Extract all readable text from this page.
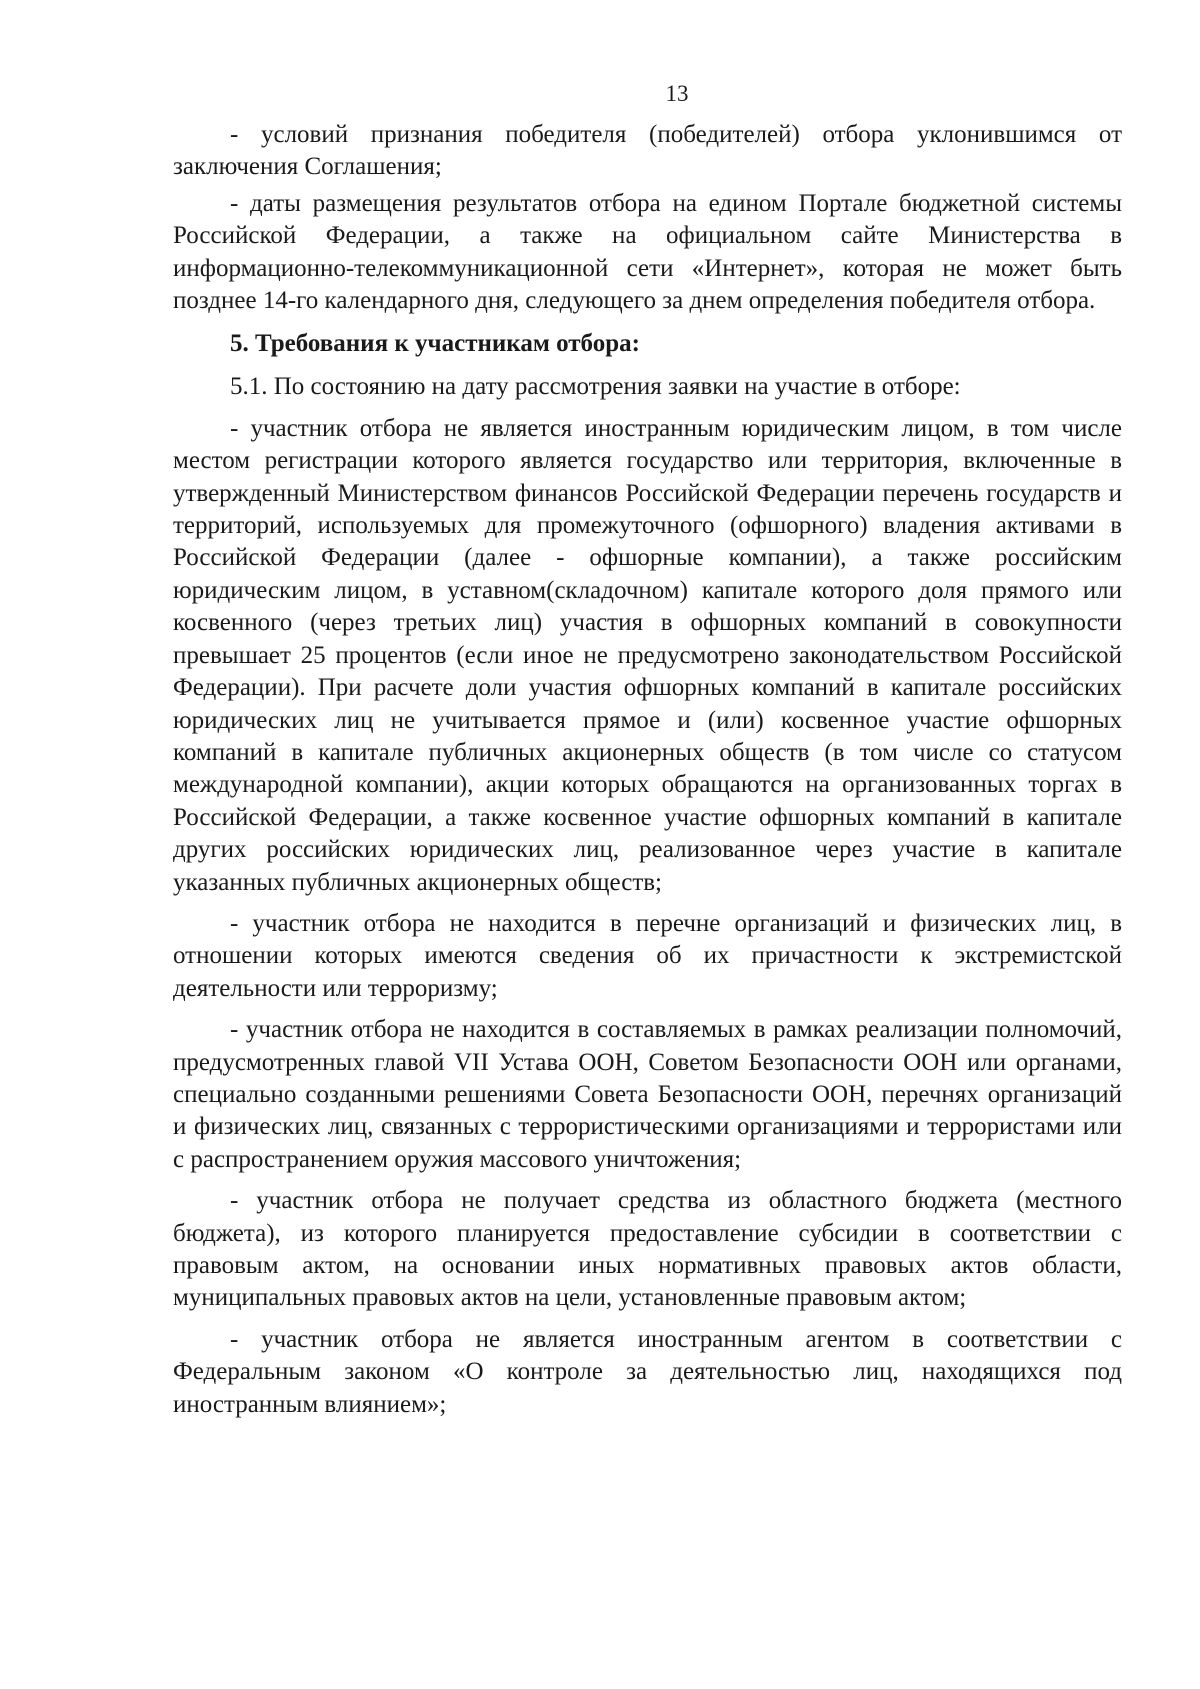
13

- условий признания победителя (победителей) отбора уклонившимся от заключения Соглашения;

- даты размещения результатов отбора на едином Портале бюджетной системы Российской Федерации, а также на официальном сайте Министерства в информационно-телекоммуникационной сети «Интернет», которая не может быть позднее 14-го календарного дня, следующего за днем определения победителя отбора.

5. Требования к участникам отбора:

5.1. По состоянию на дату рассмотрения заявки на участие в отборе:

- участник отбора не является иностранным юридическим лицом, в том числе местом регистрации которого является государство или территория, включенные в утвержденный Министерством финансов Российской Федерации перечень государств и территорий, используемых для промежуточного (офшорного) владения активами в Российской Федерации (далее - офшорные компании), а также российским юридическим лицом, в уставном(складочном) капитале которого доля прямого или косвенного (через третьих лиц) участия в офшорных компаний в совокупности превышает 25 процентов (если иное не предусмотрено законодательством Российской Федерации). При расчете доли участия офшорных компаний в капитале российских юридических лиц не учитывается прямое и (или) косвенное участие офшорных компаний в капитале публичных акционерных обществ (в том числе со статусом международной компании), акции которых обращаются на организованных торгах в Российской Федерации, а также косвенное участие офшорных компаний в капитале других российских юридических лиц, реализованное через участие в капитале указанных публичных акционерных обществ;

- участник отбора не находится в перечне организаций и физических лиц, в отношении которых имеются сведения об их причастности к экстремистской деятельности или терроризму;

- участник отбора не находится в составляемых в рамках реализации полномочий, предусмотренных главой VII Устава ООН, Советом Безопасности ООН или органами, специально созданными решениями Совета Безопасности ООН, перечнях организаций и физических лиц, связанных с террористическими организациями и террористами или с распространением оружия массового уничтожения;

- участник отбора не получает средства из областного бюджета (местного бюджета), из которого планируется предоставление субсидии в соответствии с правовым актом, на основании иных нормативных правовых актов области, муниципальных правовых актов на цели, установленные правовым актом;

- участник отбора не является иностранным агентом в соответствии с Федеральным законом «О контроле за деятельностью лиц, находящихся под иностранным влиянием»;
